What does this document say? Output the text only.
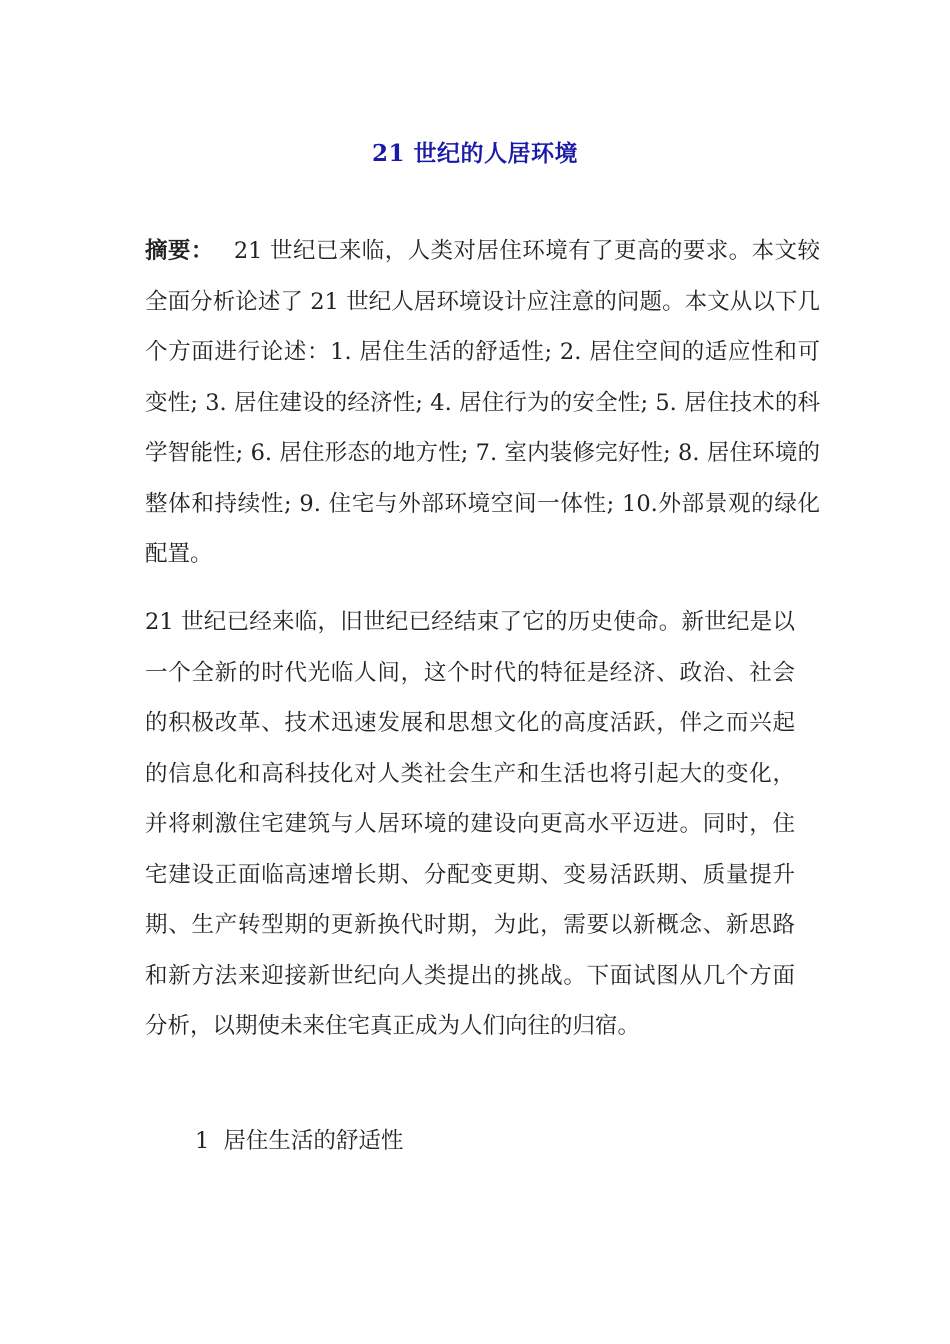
21 世纪的人居环境

摘要： 21 世纪已来临，人类对居住环境有了更高的要求。本文较全面分析论述了 21 世纪人居环境设计应注意的问题。本文从以下几个方面进行论述：1. 居住生活的舒适性; 2. 居住空间的适应性和可变性; 3. 居住建设的经济性; 4. 居住行为的安全性; 5. 居住技术的科学智能性; 6. 居住形态的地方性; 7. 室内装修完好性; 8. 居住环境的整体和持续性; 9. 住宅与外部环境空间一体性; 10.外部景观的绿化配置。

21 世纪已经来临，旧世纪已经结束了它的历史使命。新世纪是以一个全新的时代光临人间，这个时代的特征是经济、政治、社会的积极改革、技术迅速发展和思想文化的高度活跃，伴之而兴起的信息化和高科技化对人类社会生产和生活也将引起大的变化，并将刺激住宅建筑与人居环境的建设向更高水平迈进。同时，住宅建设正面临高速增长期、分配变更期、变易活跃期、质量提升期、生产转型期的更新换代时期，为此，需要以新概念、新思路和新方法来迎接新世纪向人类提出的挑战。下面试图从几个方面分析，以期使未来住宅真正成为人们向往的归宿。

1 居住生活的舒适性
